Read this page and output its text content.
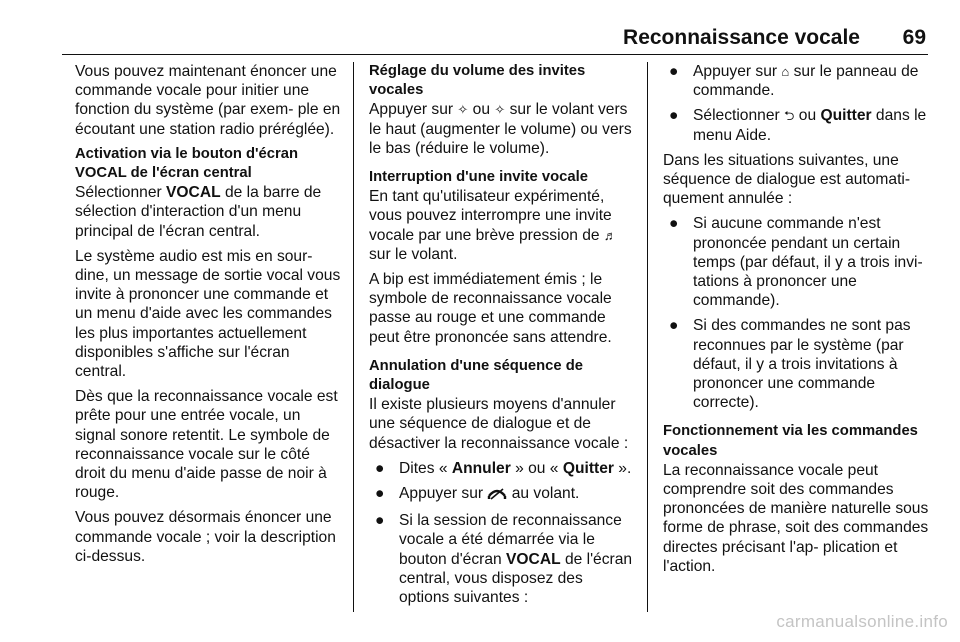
Reconnaissance vocale 69

Vous pouvez maintenant énoncer une commande vocale pour initier une fonction du système (par exem- ple en écoutant une station radio préréglée).

Activation via le bouton d'écran VOCAL de l'écran central

Sélectionner VOCAL de la barre de sélection d'interaction d'un menu principal de l'écran central.

Le système audio est mis en sour- dine, un message de sortie vocal vous invite à prononcer une commande et un menu d'aide avec les commandes les plus importantes actuellement disponibles s'affiche sur l'écran central.

Dès que la reconnaissance vocale est prête pour une entrée vocale, un signal sonore retentit. Le symbole de reconnaissance vocale sur le côté droit du menu d'aide passe de noir à rouge.

Vous pouvez désormais énoncer une commande vocale ; voir la description ci-dessus.

Réglage du volume des invites vocales

Appuyer sur ✧ ou ✧ sur le volant vers le haut (augmenter le volume) ou vers le bas (réduire le volume).

Interruption d'une invite vocale

En tant qu'utilisateur expérimenté, vous pouvez interrompre une invite vocale par une brève pression de ♬ sur le volant.

A bip est immédiatement émis ; le symbole de reconnaissance vocale passe au rouge et une commande peut être prononcée sans attendre.

Annulation d'une séquence de dialogue

Il existe plusieurs moyens d'annuler une séquence de dialogue et de désactiver la reconnaissance vocale :

● Dites « Annuler » ou « Quitter ».
● Appuyer sur  au volant.
● Si la session de reconnaissance vocale a été démarrée via le bouton d'écran VOCAL de l'écran central, vous disposez des options suivantes :
● Appuyer sur ⌂ sur le panneau de commande.
● Sélectionner ⮌ ou Quitter dans le menu Aide.

Dans les situations suivantes, une séquence de dialogue est automati- quement annulée :

● Si aucune commande n'est prononcée pendant un certain temps (par défaut, il y a trois invi- tations à prononcer une commande).
● Si des commandes ne sont pas reconnues par le système (par défaut, il y a trois invitations à prononcer une commande correcte).
Fonctionnement via les commandes vocales

La reconnaissance vocale peut comprendre soit des commandes prononcées de manière naturelle sous forme de phrase, soit des commandes directes précisant l'ap- plication et l'action.

carmanualsonline.info
